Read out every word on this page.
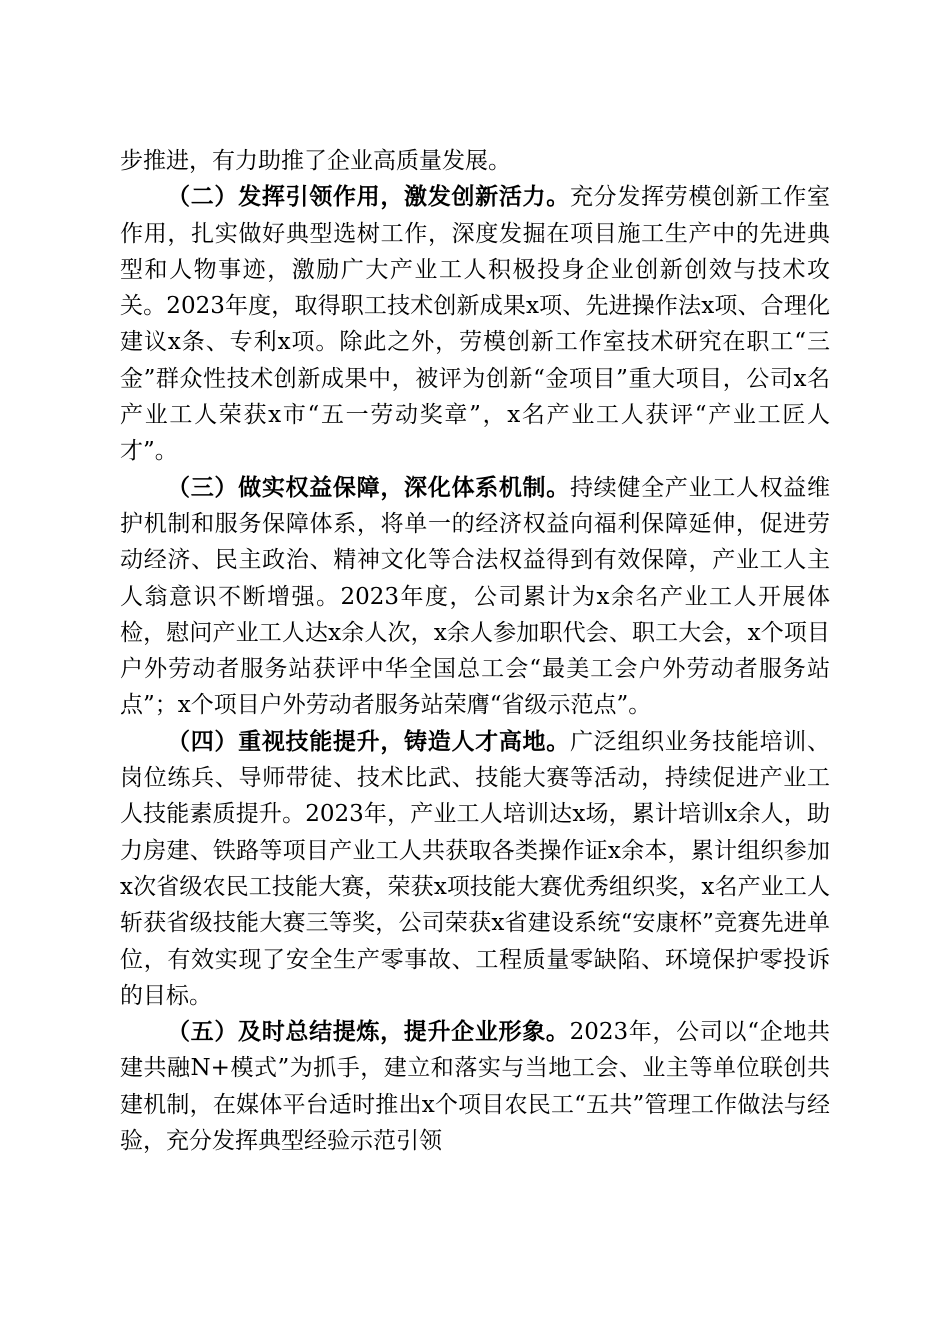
步推进，有力助推了企业高质量发展。

（二）发挥引领作用，激发创新活力。充分发挥劳模创新工作室作用，扎实做好典型选树工作，深度发掘在项目施工生产中的先进典型和人物事迹，激励广大产业工人积极投身企业创新创效与技术攻关。2023年度，取得职工技术创新成果x项、先进操作法x项、合理化建议x条、专利x项。除此之外，劳模创新工作室技术研究在职工“三金”群众性技术创新成果中，被评为创新“金项目”重大项目，公司x名产业工人荣获x市“五一劳动奖章”，x名产业工人获评“产业工匠人才”。

（三）做实权益保障，深化体系机制。持续健全产业工人权益维护机制和服务保障体系，将单一的经济权益向福利保障延伸，促进劳动经济、民主政治、精神文化等合法权益得到有效保障，产业工人主人翁意识不断增强。2023年度，公司累计为x余名产业工人开展体检，慰问产业工人达x余人次，x余人参加职代会、职工大会，x个项目户外劳动者服务站获评中华全国总工会“最美工会户外劳动者服务站点”；x个项目户外劳动者服务站荣膺“省级示范点”。

（四）重视技能提升，铸造人才高地。广泛组织业务技能培训、岗位练兵、导师带徒、技术比武、技能大赛等活动，持续促进产业工人技能素质提升。2023年，产业工人培训达x场，累计培训x余人，助力房建、铁路等项目产业工人共获取各类操作证x余本，累计组织参加x次省级农民工技能大赛，荣获x项技能大赛优秀组织奖，x名产业工人斩获省级技能大赛三等奖，公司荣获x省建设系统“安康杯”竞赛先进单位，有效实现了安全生产零事故、工程质量零缺陷、环境保护零投诉的目标。

（五）及时总结提炼，提升企业形象。2023年，公司以“企地共建共融N+模式”为抓手，建立和落实与当地工会、业主等单位联创共建机制，在媒体平台适时推出x个项目农民工“五共”管理工作做法与经验，充分发挥典型经验示范引领
